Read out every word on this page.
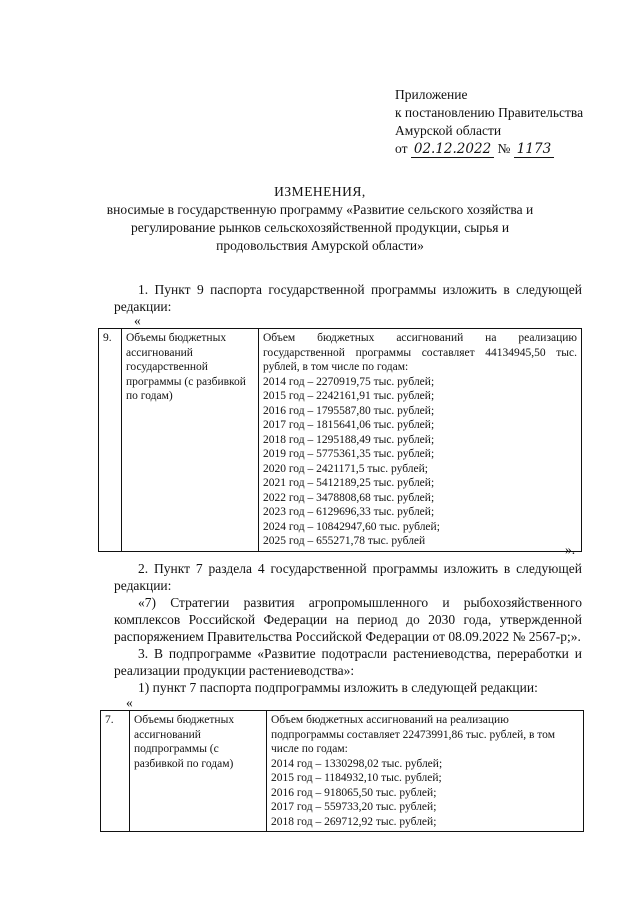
Приложение
к постановлению Правительства
Амурской области
от 02.12.2022 № 1173
ИЗМЕНЕНИЯ,
вносимые в государственную программу «Развитие сельского хозяйства и
регулирование рынков сельскохозяйственной продукции, сырья и
продовольствия Амурской области»
1. Пункт 9 паспорта государственной программы изложить в следующей редакции:
«
9.	Объемы бюджетных ассигнований государственной программы (с разбивкой по годам)	
Объем бюджетных ассигнований на реализацию
государственной программы составляет 44134945,50 тыс.
рублей, в том числе по годам:
2014 год – 2270919,75 тыс. рублей;
2015 год – 2242161,91 тыс. рублей;
2016 год – 1795587,80 тыс. рублей;
2017 год – 1815641,06 тыс. рублей;
2018 год – 1295188,49 тыс. рублей;
2019 год – 5775361,35 тыс. рублей;
2020 год – 2421171,5 тыс. рублей;
2021 год – 5412189,25 тыс. рублей;
2022 год – 3478808,68 тыс. рублей;
2023 год – 6129696,33 тыс. рублей;
2024 год – 10842947,60 тыс. рублей;
2025 год – 655271,78 тыс. рублей
».
2. Пункт 7 раздела 4 государственной программы изложить в следующей редакции:
«7) Стратегии развития агропромышленного и рыбохозяйственного комплексов Российской Федерации на период до 2030 года, утвержденной распоряжением Правительства Российской Федерации от 08.09.2022 № 2567-р;».
3. В подпрограмме «Развитие подотрасли растениеводства, переработки и реализации продукции растениеводства»:
1) пункт 7 паспорта подпрограммы изложить в следующей редакции:
«
7.	Объемы бюджетных ассигнований подпрограммы (с разбивкой по годам)	
Объем бюджетных ассигнований на реализацию подпрограммы составляет 22473991,86 тыс. рублей, в том числе по годам:
2014 год – 1330298,02 тыс. рублей;
2015 год – 1184932,10 тыс. рублей;
2016 год – 918065,50 тыс. рублей;
2017 год – 559733,20 тыс. рублей;
2018 год – 269712,92 тыс. рублей;
